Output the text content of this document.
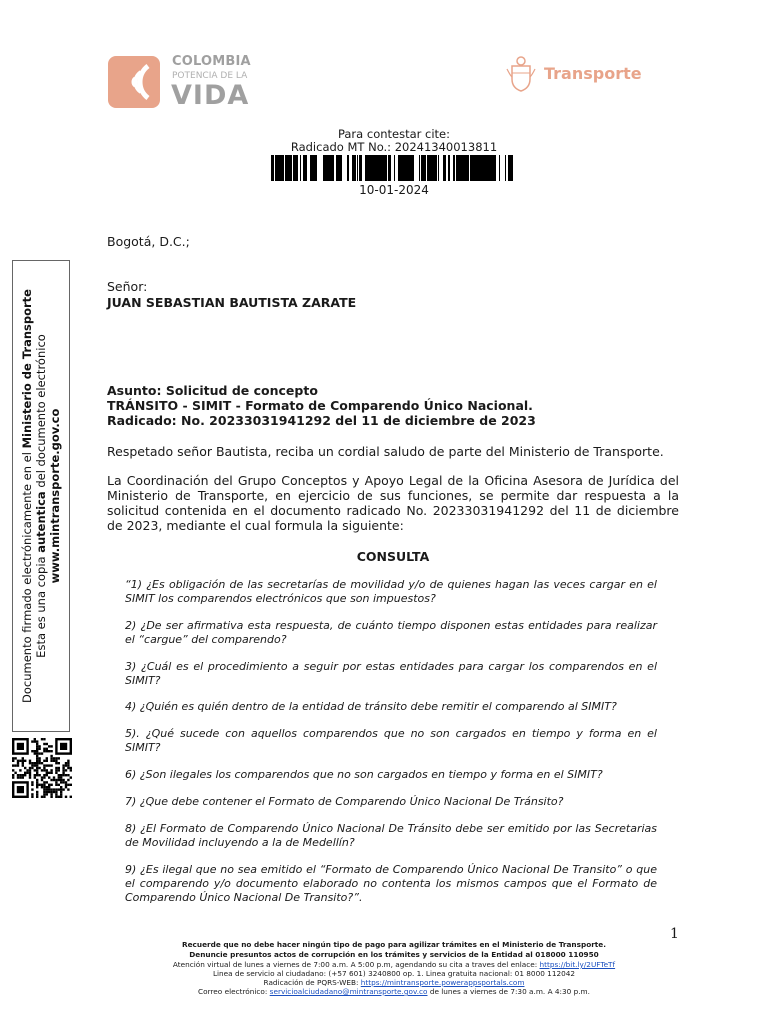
COLOMBIA
POTENCIA DE LA
VIDA
Transporte
Para contestar cite:
Radicado MT No.: 20241340013811
10-01-2024
Bogotá, D.C.;
Señor:
JUAN SEBASTIAN BAUTISTA ZARATE
Asunto: Solicitud de concepto
TRÁNSITO - SIMIT - Formato de Comparendo Único Nacional.
Radicado: No. 20233031941292 del 11 de diciembre de 2023
Respetado señor Bautista, reciba un cordial saludo de parte del Ministerio de Transporte.
La Coordinación del Grupo Conceptos y Apoyo Legal de la Oficina Asesora de Jurídica del Ministerio de Transporte, en ejercicio de sus funciones, se permite dar respuesta a la solicitud contenida en el documento radicado No. 20233031941292 del 11 de diciembre de 2023, mediante el cual formula la siguiente:
CONSULTA
“1) ¿Es obligación de las secretarías de movilidad y/o de quienes hagan las veces cargar en el SIMIT los comparendos electrónicos que son impuestos?
2) ¿De ser afirmativa esta respuesta, de cuánto tiempo disponen estas entidades para realizar el “cargue” del comparendo?
3) ¿Cuál es el procedimiento a seguir por estas entidades para cargar los comparendos en el SIMIT?
4) ¿Quién es quién dentro de la entidad de tránsito debe remitir el comparendo al SIMIT?
5). ¿Qué sucede con aquellos comparendos que no son cargados en tiempo y forma en el SIMIT?
6) ¿Son ilegales los comparendos que no son cargados en tiempo y forma en el SIMIT?
7) ¿Que debe contener el Formato de Comparendo Único Nacional De Tránsito?
8) ¿El Formato de Comparendo Único Nacional De Tránsito debe ser emitido por las Secretarias de Movilidad incluyendo a la de Medellín?
9) ¿Es ilegal que no sea emitido el “Formato de Comparendo Único Nacional De Transito” o que el comparendo y/o documento elaborado no contenta los mismos campos que el Formato de Comparendo Único Nacional De Transito?”.
1
Recuerde que no debe hacer ningún tipo de pago para agilizar trámites en el Ministerio de Transporte.
Denuncie presuntos actos de corrupción en los trámites y servicios de la Entidad al 018000 110950
Atención virtual de lunes a viernes de 7:00 a.m. A 5:00 p.m, agendando su cita a traves del enlace: https://bit.ly/2UFTeTf
Linea de servicio al ciudadano: (+57 601) 3240800 op. 1. Linea gratuita nacional: 01 8000 112042
Radicación de PQRS-WEB: https://mintransporte.powerappsportals.com
Correo electrónico: servicioalciudadano@mintransporte.gov.co de lunes a viernes de 7:30 a.m. A 4:30 p.m.
Documento firmado electrónicamente en el Ministerio de Transporte
Esta es una copia autentica del documento electrónico www.mintransporte.gov.co
